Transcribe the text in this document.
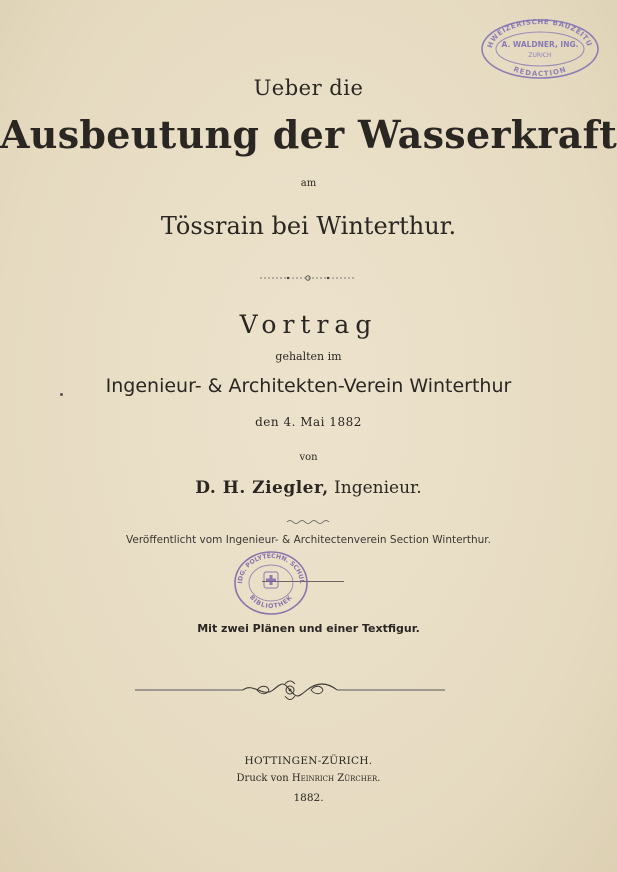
HWEIZERISCHE BAUZEITU
REDACTION
A. WALDNER, ING.
ZÜRICH
Ueber die
Ausbeutung der Wasserkraft
am
Tössrain bei Winterthur.
Vortrag
gehalten im
Ingenieur- & Architekten-Verein Winterthur
den 4. Mai 1882
von
D. H. Ziegler, Ingenieur.
Veröffentlicht vom Ingenieur- & Architectenverein Section Winterthur.
IDG. POLYTECHN. SCHUL
BIBLIOTHEK
Mit zwei Plänen und einer Textfigur.
HOTTINGEN-ZÜRICH.
Druck von Heinrich Zürcher.
1882.
